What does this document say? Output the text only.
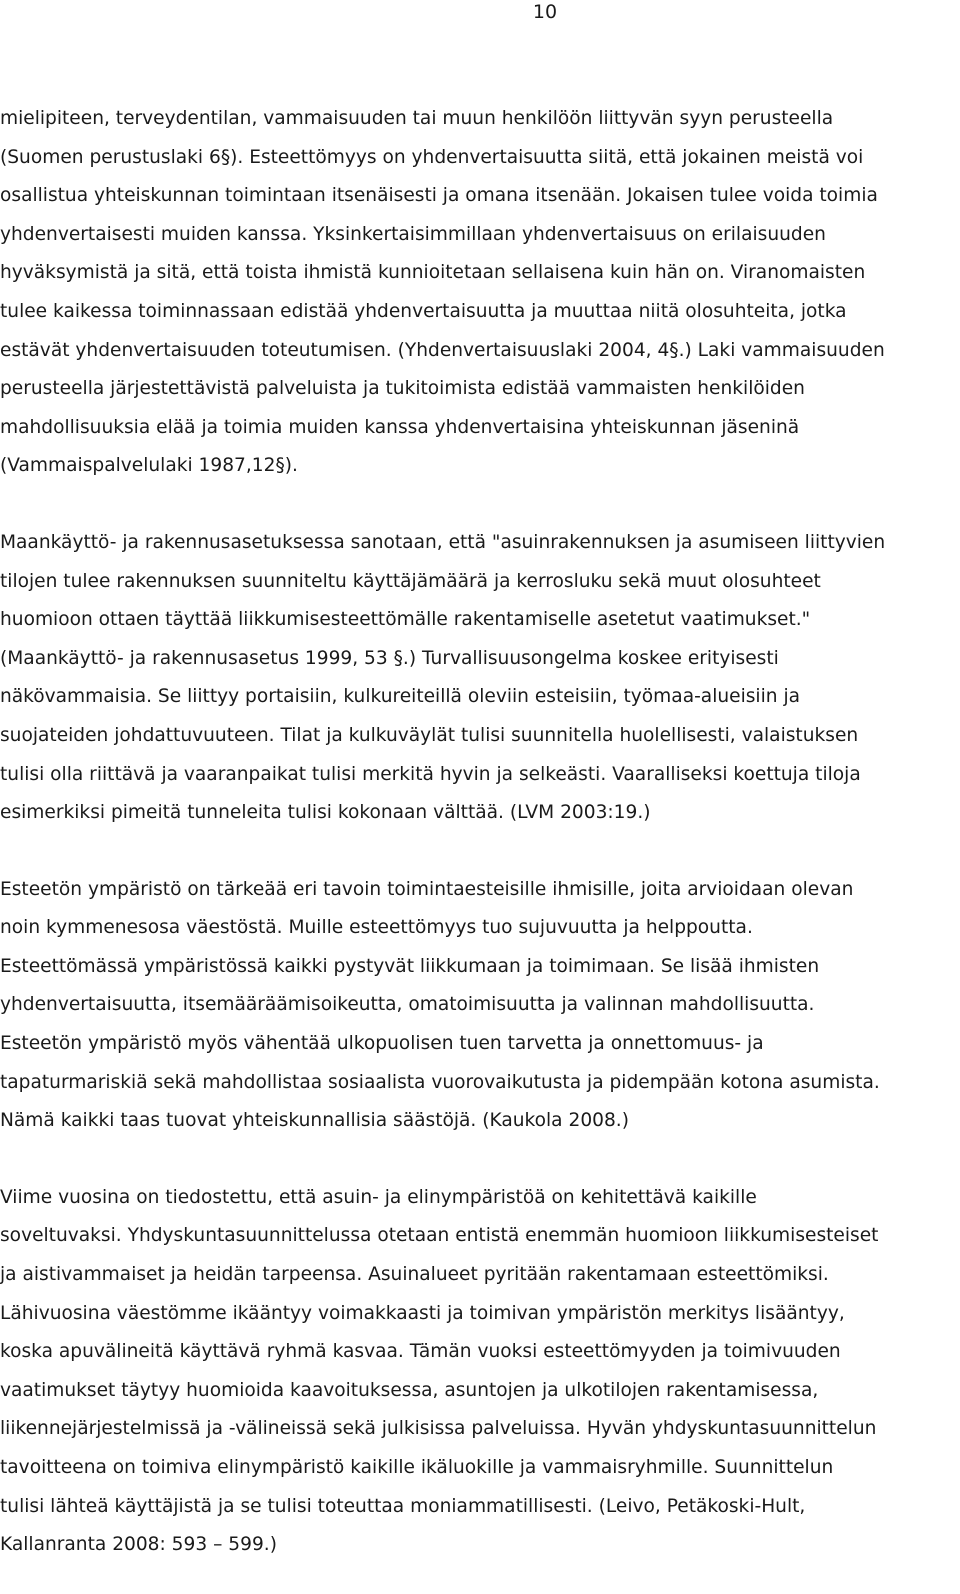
10

mielipiteen, terveydentilan, vammaisuuden tai muun henkilöön liittyvän syyn perusteella
(Suomen perustuslaki 6§). Esteettömyys on yhdenvertaisuutta siitä, että jokainen meistä voi
osallistua yhteiskunnan toimintaan itsenäisesti ja omana itsenään. Jokaisen tulee voida toimia
yhdenvertaisesti muiden kanssa. Yksinkertaisimmillaan yhdenvertaisuus on erilaisuuden
hyväksymistä ja sitä, että toista ihmistä kunnioitetaan sellaisena kuin hän on. Viranomaisten
tulee kaikessa toiminnassaan edistää yhdenvertaisuutta ja muuttaa niitä olosuhteita, jotka
estävät yhdenvertaisuuden toteutumisen. (Yhdenvertaisuuslaki 2004, 4§.) Laki vammaisuuden
perusteella järjestettävistä palveluista ja tukitoimista edistää vammaisten henkilöiden
mahdollisuuksia elää ja toimia muiden kanssa yhdenvertaisina yhteiskunnan jäseninä
(Vammaispalvelulaki 1987,12§).

Maankäyttö- ja rakennusasetuksessa sanotaan, että "asuinrakennuksen ja asumiseen liittyvien
tilojen tulee rakennuksen suunniteltu käyttäjämäärä ja kerrosluku sekä muut olosuhteet
huomioon ottaen täyttää liikkumisesteettömälle rakentamiselle asetetut vaatimukset."
(Maankäyttö- ja rakennusasetus 1999, 53 §.) Turvallisuusongelma koskee erityisesti
näkövammaisia. Se liittyy portaisiin, kulkureiteillä oleviin esteisiin, työmaa-alueisiin ja
suojateiden johdattuvuuteen. Tilat ja kulkuväylät tulisi suunnitella huolellisesti, valaistuksen
tulisi olla riittävä ja vaaranpaikat tulisi merkitä hyvin ja selkeästi. Vaaralliseksi koettuja tiloja
esimerkiksi pimeitä tunneleita tulisi kokonaan välttää. (LVM 2003:19.)

Esteetön ympäristö on tärkeää eri tavoin toimintaesteisille ihmisille, joita arvioidaan olevan
noin kymmenesosa väestöstä. Muille esteettömyys tuo sujuvuutta ja helppoutta.
Esteettömässä ympäristössä kaikki pystyvät liikkumaan ja toimimaan. Se lisää ihmisten
yhdenvertaisuutta, itsemääräämisoikeutta, omatoimisuutta ja valinnan mahdollisuutta.
Esteetön ympäristö myös vähentää ulkopuolisen tuen tarvetta ja onnettomuus- ja
tapaturmariskiä sekä mahdollistaa sosiaalista vuorovaikutusta ja pidempään kotona asumista.
Nämä kaikki taas tuovat yhteiskunnallisia säästöjä. (Kaukola 2008.)

Viime vuosina on tiedostettu, että asuin- ja elinympäristöä on kehitettävä kaikille
soveltuvaksi. Yhdyskuntasuunnittelussa otetaan entistä enemmän huomioon liikkumisesteiset
ja aistivammaiset ja heidän tarpeensa. Asuinalueet pyritään rakentamaan esteettömiksi.
Lähivuosina väestömme ikääntyy voimakkaasti ja toimivan ympäristön merkitys lisääntyy,
koska apuvälineitä käyttävä ryhmä kasvaa. Tämän vuoksi esteettömyyden ja toimivuuden
vaatimukset täytyy huomioida kaavoituksessa, asuntojen ja ulkotilojen rakentamisessa,
liikennejärjestelmissä ja -välineissä sekä julkisissa palveluissa. Hyvän yhdyskuntasuunnittelun
tavoitteena on toimiva elinympäristö kaikille ikäluokille ja vammaisryhmille. Suunnittelun
tulisi lähteä käyttäjistä ja se tulisi toteuttaa moniammatillisesti. (Leivo, Petäkoski-Hult,
Kallanranta 2008: 593 – 599.)
